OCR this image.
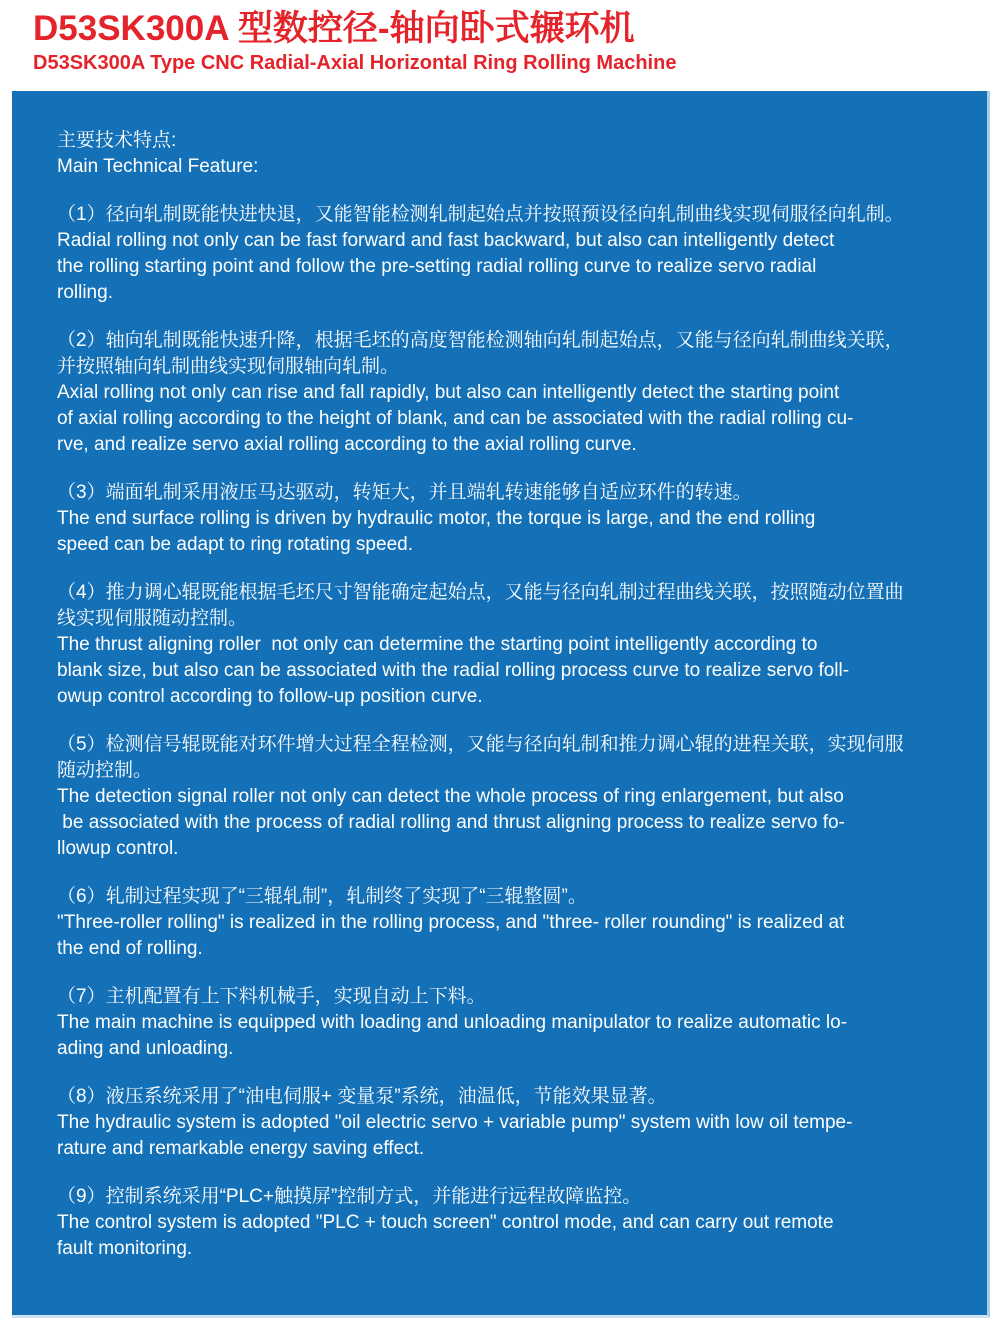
D53SK300A 型数控径-轴向卧式辗环机
D53SK300A Type CNC Radial-Axial Horizontal Ring Rolling Machine
主要技术特点:
Main Technical Feature:
（1）径向轧制既能快进快退，又能智能检测轧制起始点并按照预设径向轧制曲线实现伺服径向轧制。
Radial rolling not only can be fast forward and fast backward, but also can intelligently detect
the rolling starting point and follow the pre-setting radial rolling curve to realize servo radial
rolling.
（2）轴向轧制既能快速升降，根据毛坯的高度智能检测轴向轧制起始点，又能与径向轧制曲线关联，
并按照轴向轧制曲线实现伺服轴向轧制。
Axial rolling not only can rise and fall rapidly, but also can intelligently detect the starting point
of axial rolling according to the height of blank, and can be associated with the radial rolling cu-
rve, and realize servo axial rolling according to the axial rolling curve.
（3）端面轧制采用液压马达驱动，转矩大，并且端轧转速能够自适应环件的转速。
The end surface rolling is driven by hydraulic motor, the torque is large, and the end rolling
speed can be adapt to ring rotating speed.
（4）推力调心辊既能根据毛坯尺寸智能确定起始点，又能与径向轧制过程曲线关联，按照随动位置曲
线实现伺服随动控制。
The thrust aligning roller  not only can determine the starting point intelligently according to
blank size, but also can be associated with the radial rolling process curve to realize servo foll-
owup control according to follow-up position curve.
（5）检测信号辊既能对环件增大过程全程检测，又能与径向轧制和推力调心辊的进程关联，实现伺服
随动控制。
The detection signal roller not only can detect the whole process of ring enlargement, but also
be associated with the process of radial rolling and thrust aligning process to realize servo fo-
llowup control.
（6）轧制过程实现了“三辊轧制”，轧制终了实现了“三辊整圆”。
"Three-roller rolling" is realized in the rolling process, and "three- roller rounding" is realized at
the end of rolling.
（7）主机配置有上下料机械手，实现自动上下料。
The main machine is equipped with loading and unloading manipulator to realize automatic lo-
ading and unloading.
（8）液压系统采用了“油电伺服+ 变量泵”系统，油温低，节能效果显著。
The hydraulic system is adopted "oil electric servo + variable pump" system with low oil tempe-
rature and remarkable energy saving effect.
（9）控制系统采用“PLC+触摸屏”控制方式，并能进行远程故障监控。
The control system is adopted "PLC + touch screen" control mode, and can carry out remote
fault monitoring.
